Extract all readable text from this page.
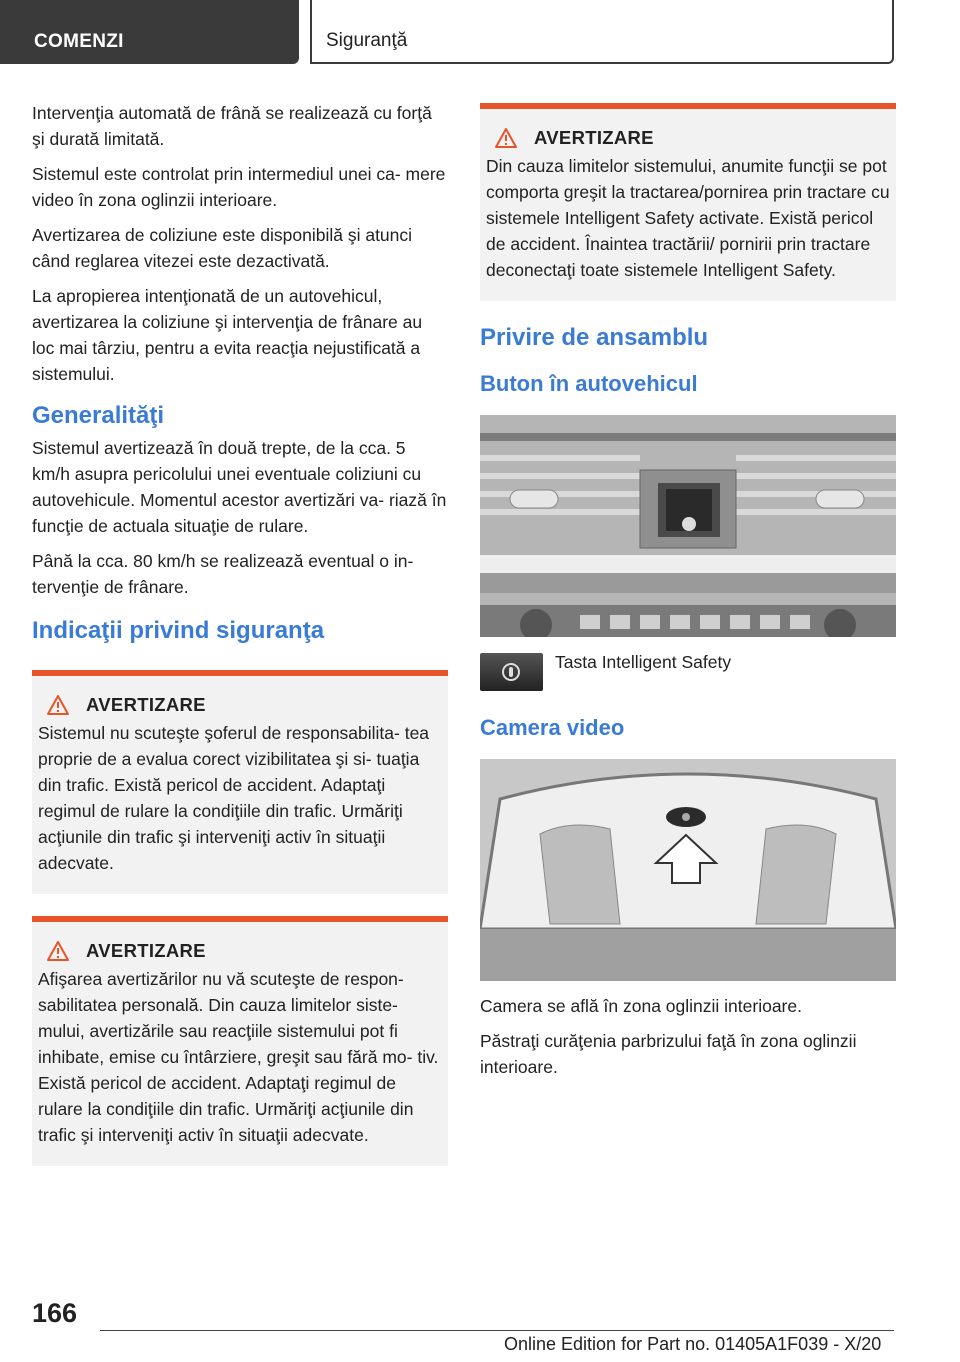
COMENZI	Siguranţă

Intervenţia automată de frână se realizează cu forţă şi durată limitată.

Sistemul este controlat prin intermediul unei ca- mere video în zona oglinzii interioare.

Avertizarea de coliziune este disponibilă şi atunci când reglarea vitezei este dezactivată.

La apropierea intenţionată de un autovehicul, avertizarea la coliziune şi intervenţia de frânare au loc mai târziu, pentru a evita reacţia nejustificată a sistemului.

Generalităţi

Sistemul avertizează în două trepte, de la cca. 5 km/h asupra pericolului unei eventuale coliziuni cu autovehicule. Momentul acestor avertizări va- riază în funcţie de actuala situaţie de rulare.

Până la cca. 80 km/h se realizează eventual o in- tervenţie de frânare.

Indicaţii privind siguranţa
AVERTIZARE

Sistemul nu scuteşte şoferul de responsabilita- tea proprie de a evalua corect vizibilitatea şi si- tuaţia din trafic. Există pericol de accident. Adaptaţi regimul de rulare la condiţiile din trafic. Urmăriţi acţiunile din trafic şi interveniţi activ în situaţii adecvate.

AVERTIZARE

Afişarea avertizărilor nu vă scuteşte de respon- sabilitatea personală. Din cauza limitelor siste- mului, avertizările sau reacţiile sistemului pot fi inhibate, emise cu întârziere, greşit sau fără mo- tiv. Există pericol de accident. Adaptaţi regimul de rulare la condiţiile din trafic. Urmăriţi acţiunile din trafic şi interveniţi activ în situaţii adecvate.

AVERTIZARE

Din cauza limitelor sistemului, anumite funcţii se pot comporta greşit la tractarea/pornirea prin tractare cu sistemele Intelligent Safety activate. Există pericol de accident. Înaintea tractării/ pornirii prin tractare deconectaţi toate sistemele Intelligent Safety.

Privire de ansamblu
Buton în autovehicul

Tasta Intelligent Safety

Camera video

Camera se află în zona oglinzii interioare.

Păstraţi curăţenia parbrizului faţă în zona oglinzii interioare.

166
Online Edition for Part no. 01405A1F039 - X/20
